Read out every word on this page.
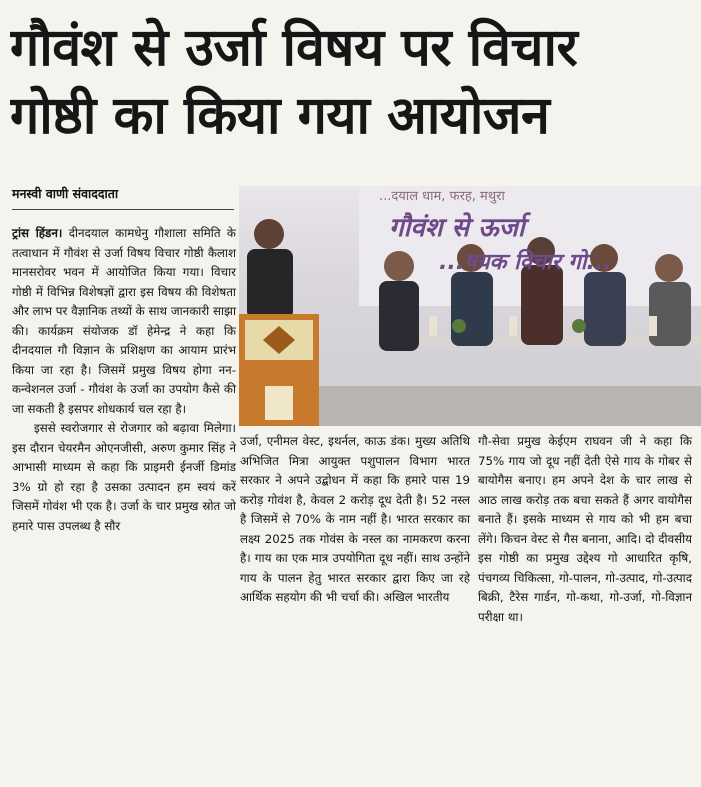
गौवंश से उर्जा विषय पर विचार
गोष्ठी का किया गया आयोजन
मनस्वी वाणी संवाददाता

ट्रांस हिंडन। दीनदयाल कामधेनु गौशाला समिति के तत्वाधान में गौवंश से उर्जा विषय विचार गोष्ठी कैलाश मानसरोवर भवन में आयोजित किया गया। विचार गोष्ठी में विभिन्न विशेषज्ञों द्वारा इस विषय की विशेषता और लाभ पर वैज्ञानिक तथ्यों के साथ जानकारी साझा की। कार्यक्रम संयोजक डॉ हेमेन्द्र ने कहा कि दीनदयाल गौ विज्ञान के प्रशिक्षण का आयाम प्रारंभ किया जा रहा है। जिसमें प्रमुख विषय होगा नन-कन्वेशनल उर्जा - गौवंश के उर्जा का उपयोग कैसे की जा सकती है इसपर शोधकार्य चल रहा है।

इससे स्वरोजगार से रोजगार को बढ़ावा मिलेगा। इस दौरान चेयरमैन ओएनजीसी, अरुण कुमार सिंह ने आभासी माध्यम से कहा कि प्राइमरी ईनर्जी डिमांड 3% ग्रो हो रहा है उसका उत्पादन हम स्वयं करें जिसमें गोवंश भी एक है। उर्जा के चार प्रमुख स्रोत जो हमारे पास उपलब्ध है सौर

...दयाल धाम, फरह, मथुरा
गौवंश से ऊर्जा
...षयक विचार गो...

उर्जा, एनीमल वेस्ट, इथर्नल, काऊ डंक। मुख्य अतिथि अभिजित मित्रा आयुक्त पशुपालन विभाग भारत सरकार ने अपने उद्बोधन में कहा कि हमारे पास 19 करोड़ गोवंश है, केवल 2 करोड़ दूध देती है। 52 नस्ल है जिसमें से 70% के नाम नहीं है। भारत सरकार का लक्ष्य 2025 तक गोवंस के नस्ल का नामकरण करना है। गाय का एक मात्र उपयोगिता दूध नहीं। साथ उन्होंने गाय के पालन हेतु भारत सरकार द्वारा किए जा रहे आर्थिक सहयोग की भी चर्चा की। अखिल भारतीय

गौ-सेवा प्रमुख केईएम राघवन जी ने कहा कि 75% गाय जो दूध नहीं देती ऐसे गाय के गोबर से बायोगैस बनाए। हम अपने देश के चार लाख से आठ लाख करोड़ तक बचा सकते हैं अगर वायोगैस बनाते हैं। इसके माध्यम से गाय को भी हम बचा लेंगे। किचन वेस्ट से गैस बनाना, आदि। दो दीवसीय इस गोष्ठी का प्रमुख उद्देश्य गो आधारित कृषि, पंचगव्य चिकित्सा, गो-पालन, गो-उत्पाद, गो-उत्पाद बिक्री, टैरेस गार्डन, गो-कथा, गो-उर्जा, गो-विज्ञान परीक्षा था।
